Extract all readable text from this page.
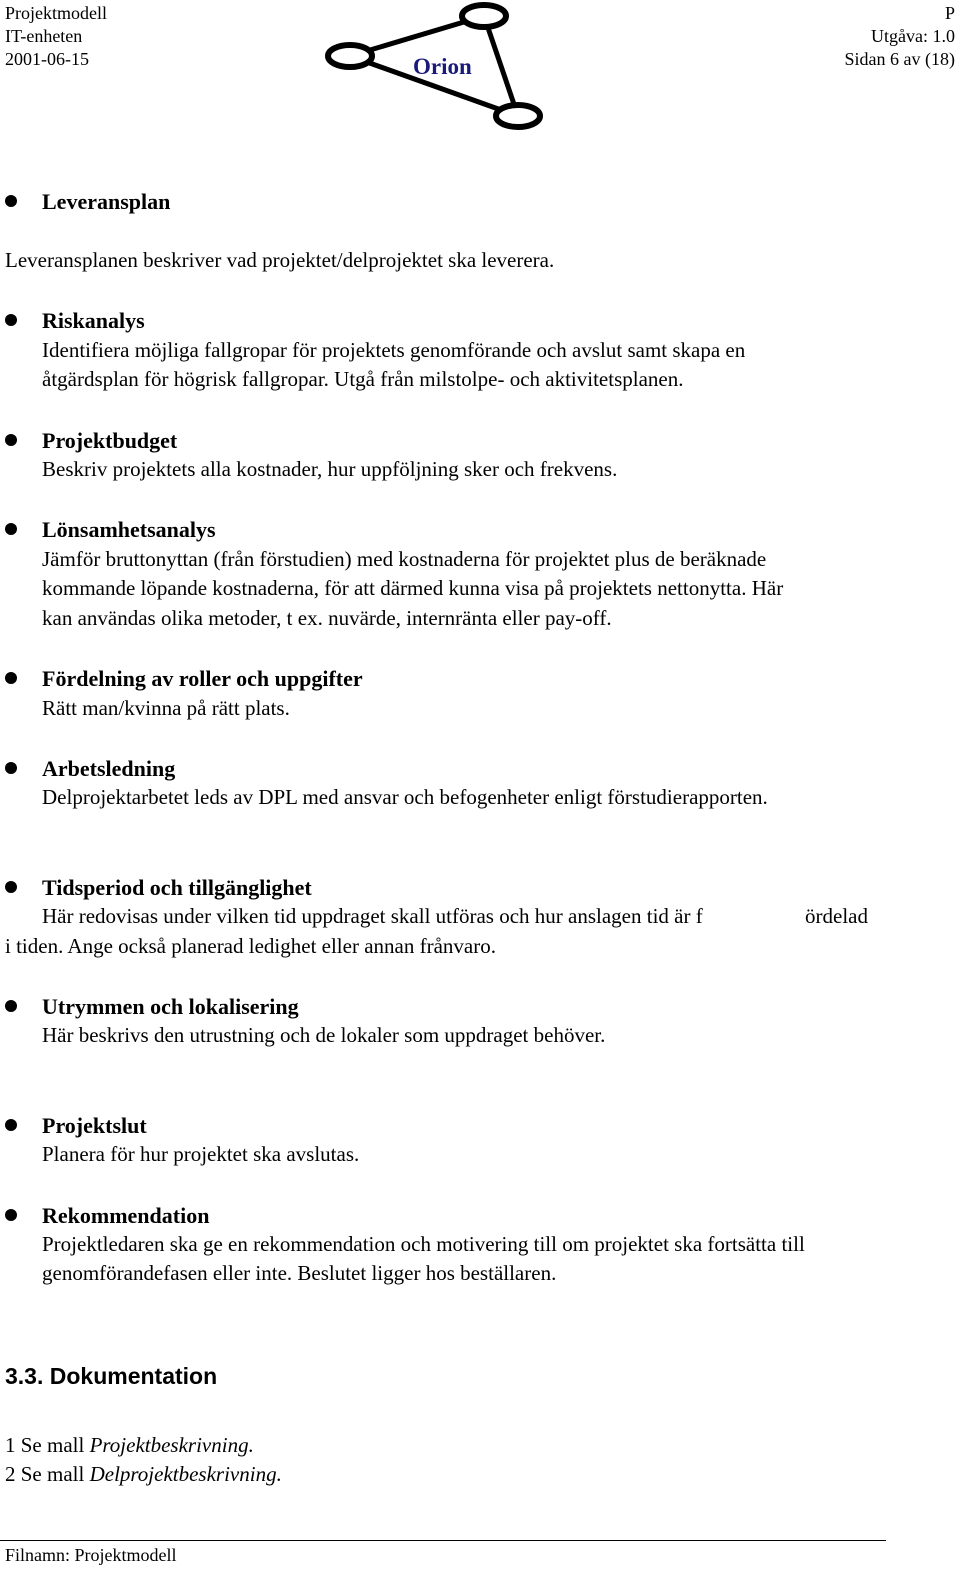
Projektmodell
IT-enheten
2001-06-15
P
Utgåva: 1.0
Sidan 6 av (18)
Orion
Leveransplan
Leveransplanen beskriver vad projektet/delprojektet ska leverera.
Riskanalys
Identifiera möjliga fallgropar för projektets genomförande och avslut samt skapa en
åtgärdsplan för högrisk fallgropar. Utgå från milstolpe- och aktivitetsplanen.
Projektbudget
Beskriv projektets alla kostnader, hur uppföljning sker och frekvens.
Lönsamhetsanalys
Jämför bruttonyttan (från förstudien) med kostnaderna för projektet plus de beräknade
kommande löpande kostnaderna, för att därmed kunna visa på projektets nettonytta. Här
kan användas olika metoder, t ex. nuvärde, internränta eller pay-off.
Fördelning av roller och uppgifter
Rätt man/kvinna på rätt plats.
Arbetsledning
Delprojektarbetet leds av DPL med ansvar och befogenheter enligt förstudierapporten.
Tidsperiod och tillgänglighet
Här redovisas under vilken tid uppdraget skall utföras och hur anslagen tid är f	ördelad
i tiden. Ange också planerad ledighet eller annan frånvaro.
Utrymmen och lokalisering
Här beskrivs den utrustning och de lokaler som uppdraget behöver.
Projektslut
Planera för hur projektet ska avslutas.
Rekommendation
Projektledaren ska ge en rekommendation och motivering till om projektet ska fortsätta till
genomförandefasen eller inte. Beslutet ligger hos beställaren.
3.3. Dokumentation
1 Se mall Projektbeskrivning.
2 Se mall Delprojektbeskrivning.
Filnamn: Projektmodell
